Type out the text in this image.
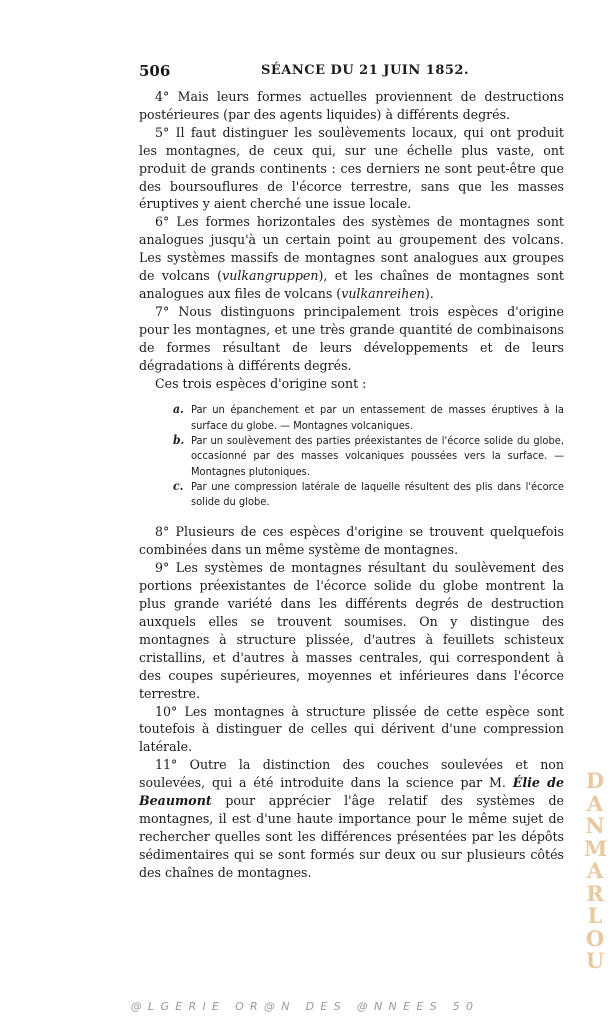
506	SÉANCE DU 21 JUIN 1852.

4° Mais leurs formes actuelles proviennent de destructions postérieures (par des agents liquides) à différents degrés.

5° Il faut distinguer les soulèvements locaux, qui ont produit les montagnes, de ceux qui, sur une échelle plus vaste, ont produit de grands continents : ces derniers ne sont peut-être que des boursouflures de l'écorce terrestre, sans que les masses éruptives y aient cherché une issue locale.

6° Les formes horizontales des systèmes de montagnes sont analogues jusqu'à un certain point au groupement des volcans. Les systèmes massifs de montagnes sont analogues aux groupes de volcans (vulkangruppen), et les chaînes de montagnes sont analogues aux files de volcans (vulkanreihen).

7° Nous distinguons principalement trois espèces d'origine pour les montagnes, et une très grande quantité de combinaisons de formes résultant de leurs développements et de leurs dégradations à différents degrés.

Ces trois espèces d'origine sont :

a. Par un épanchement et par un entassement de masses éruptives à la surface du globe. — Montagnes volcaniques.
b. Par un soulèvement des parties préexistantes de l'écorce solide du globe, occasionné par des masses volcaniques poussées vers la surface. — Montagnes plutoniques.
c. Par une compression latérale de laquelle résultent des plis dans l'écorce solide du globe.

8° Plusieurs de ces espèces d'origine se trouvent quelquefois combinées dans un même système de montagnes.

9° Les systèmes de montagnes résultant du soulèvement des portions préexistantes de l'écorce solide du globe montrent la plus grande variété dans les différents degrés de destruction auxquels elles se trouvent soumises. On y distingue des montagnes à structure plissée, d'autres à feuillets schisteux cristallins, et d'autres à masses centrales, qui correspondent à des coupes supérieures, moyennes et inférieures dans l'écorce terrestre.

10° Les montagnes à structure plissée de cette espèce sont toutefois à distinguer de celles qui dérivent d'une compression latérale.

11° Outre la distinction des couches soulevées et non soulevées, qui a été introduite dans la science par M. Élie de Beaumont pour apprécier l'âge relatif des systèmes de montagnes, il est d'une haute importance pour le même sujet de rechercher quelles sont les différences présentées par les dépôts sédimentaires qui se sont formés sur deux ou sur plusieurs côtés des chaînes de montagnes.

D
A
N
M
A
R
L
O
U
@LGERIE OR@N DES @NNEES 50
